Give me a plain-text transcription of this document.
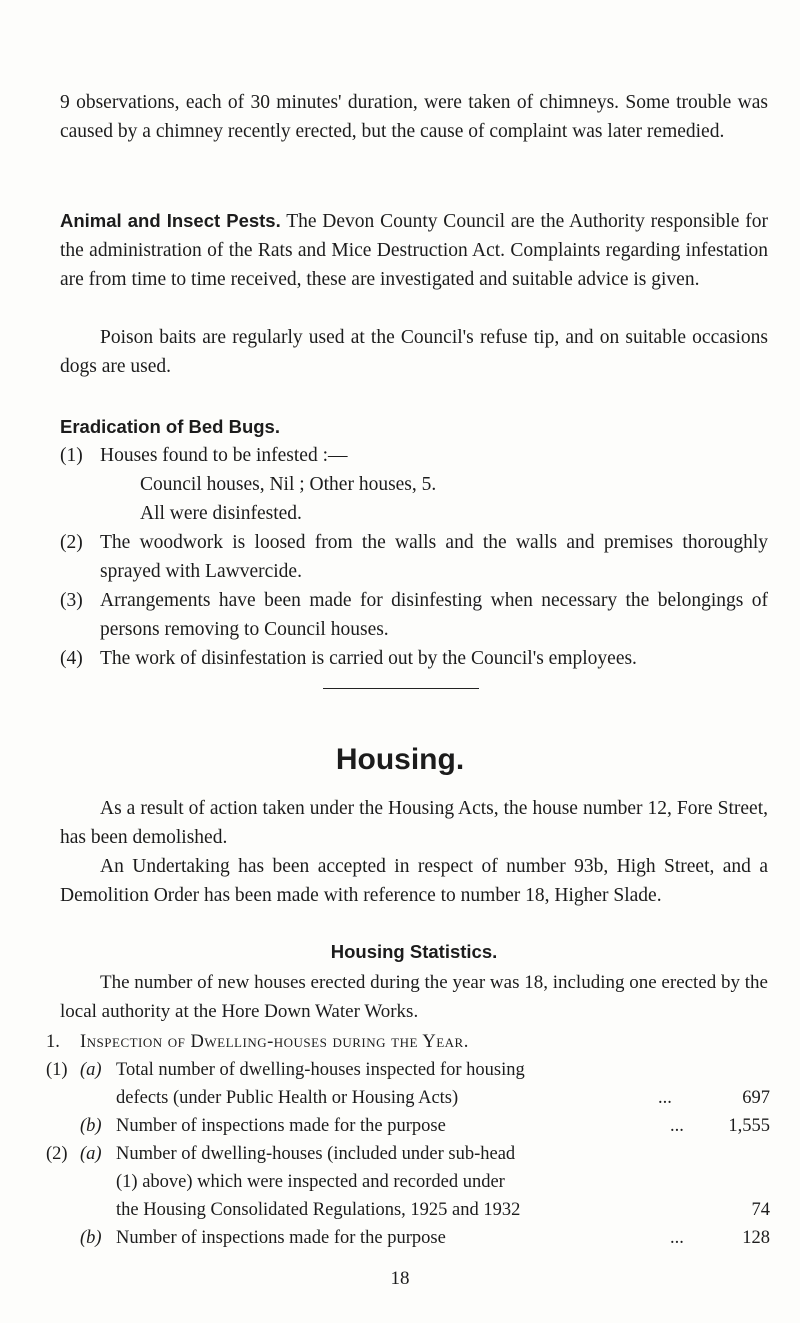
9 observations, each of 30 minutes' duration, were taken of chimneys. Some trouble was caused by a chimney recently erected, but the cause of complaint was later remedied.
Animal and Insect Pests. The Devon County Council are the Authority responsible for the administration of the Rats and Mice Destruction Act. Complaints regarding infestation are from time to time received, these are investigated and suitable advice is given.
Poison baits are regularly used at the Council's refuse tip, and on suitable occasions dogs are used.
Eradication of Bed Bugs.
(1) Houses found to be infested :—
Council houses, Nil ; Other houses, 5.
All were disinfested.
(2) The woodwork is loosed from the walls and the walls and premises thoroughly sprayed with Lawvercide.
(3) Arrangements have been made for disinfesting when necessary the belongings of persons removing to Council houses.
(4) The work of disinfestation is carried out by the Council's employees.
Housing.
As a result of action taken under the Housing Acts, the house number 12, Fore Street, has been demolished.
An Undertaking has been accepted in respect of number 93b, High Street, and a Demolition Order has been made with reference to number 18, Higher Slade.
Housing Statistics.
The number of new houses erected during the year was 18, including one erected by the local authority at the Hore Down Water Works.
1.	Inspection of Dwelling-houses during the Year.
(1) (a) Total number of dwelling-houses inspected for housing
defects (under Public Health or Housing Acts)	...	697
(b) Number of inspections made for the purpose	...	1,555
(2) (a) Number of dwelling-houses (included under sub-head
(1) above) which were inspected and recorded under
the Housing Consolidated Regulations, 1925 and 1932	74
(b) Number of inspections made for the purpose	...	128
18
